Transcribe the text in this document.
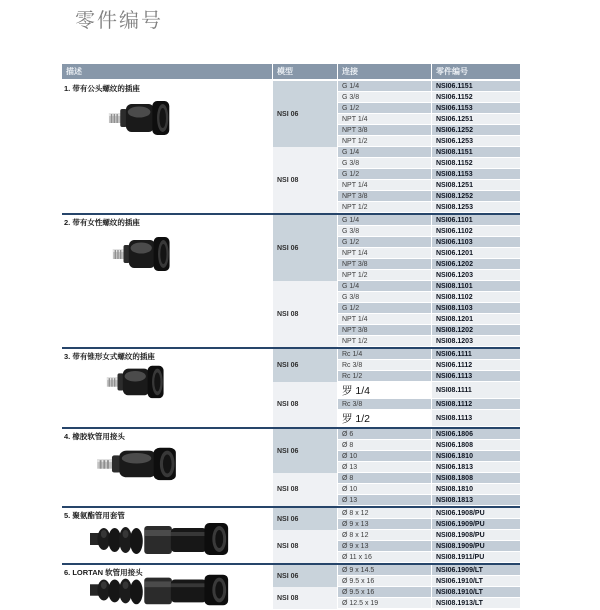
零件编号
描述	模型	连接	零件编号
1. 带有公头螺纹的插座
NSI 06
G 1/4	NSI06.1151
G 3/8	NSI06.1152
G 1/2	NSI06.1153
NPT 1/4	NSI06.1251
NPT 3/8	NSI06.1252
NPT 1/2	NSI06.1253
NSI 08
G 1/4	NSI08.1151
G 3/8	NSI08.1152
G 1/2	NSI08.1153
NPT 1/4	NSI08.1251
NPT 3/8	NSI08.1252
NPT 1/2	NSI08.1253
2. 带有女性螺纹的插座
NSI 06
G 1/4	NSI06.1101
G 3/8	NSI06.1102
G 1/2	NSI06.1103
NPT 1/4	NSI06.1201
NPT 3/8	NSI06.1202
NPT 1/2	NSI06.1203
NSI 08
G 1/4	NSI08.1101
G 3/8	NSI08.1102
G 1/2	NSI08.1103
NPT 1/4	NSI08.1201
NPT 3/8	NSI08.1202
NPT 1/2	NSI08.1203
3. 带有锥形女式螺纹的插座
NSI 06
Rc 1/4	NSI06.1111
Rc 3/8	NSI06.1112
Rc 1/2	NSI06.1113
NSI 08
罗 1/4	NSI08.1111
Rc 3/8	NSI08.1112
罗 1/2	NSI08.1113
4. 橡胶软管用接头
NSI 06
Ø 6	NSI06.1806
Ø 8	NSI06.1808
Ø 10	NSI06.1810
Ø 13	NSI06.1813
NSI 08
Ø 8	NSI08.1808
Ø 10	NSI08.1810
Ø 13	NSI08.1813
5. 聚氨酯管用套管	NSI 06
Ø 8 x 12	NSI06.1908/PU
Ø 9 x 13	NSI06.1909/PU
NSI 08
Ø 8 x 12	NSI08.1908/PU
Ø 9 x 13	NSI08.1909/PU
Ø 11 x 16	NSI08.1911/PU
6. LORTAN 软管用接头	NSI 06
Ø 9 x 14.5	NSI06.1909/LT
Ø 9.5 x 16	NSI06.1910/LT
NSI 08
Ø 9.5 x 16	NSI08.1910/LT
Ø 12.5 x 19	NSI08.1913/LT
